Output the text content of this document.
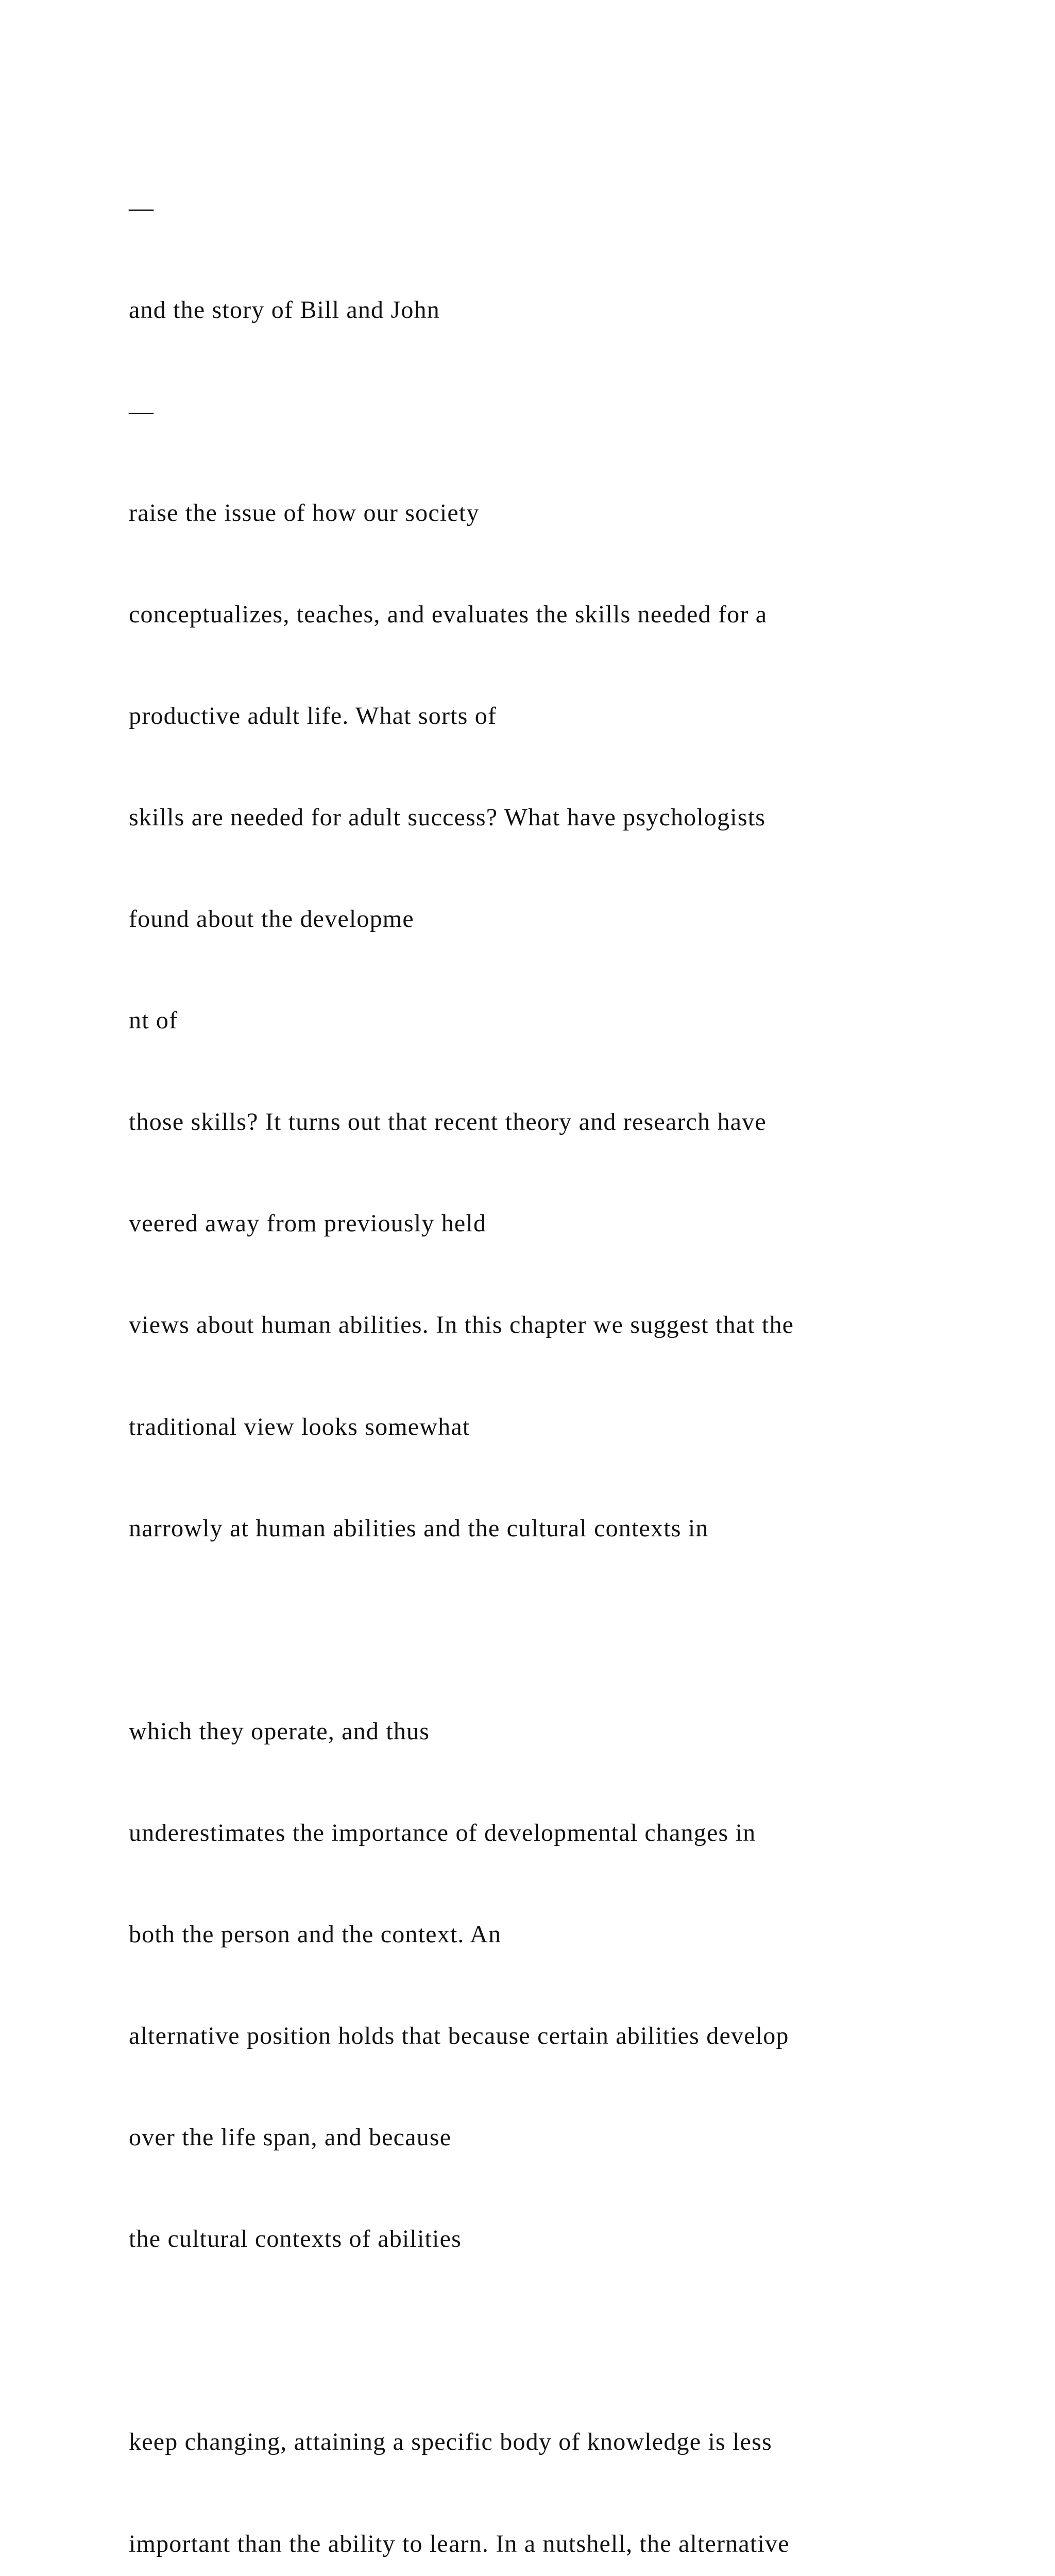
—

and the story of Bill and John

—

raise the issue of how our society

conceptualizes, teaches, and evaluates the skills needed for a

productive adult life. What sorts of

skills are needed for adult success? What have psychologists

found about the developme

nt of

those skills? It turns out that recent theory and research have

veered away from previously held

views about human abilities. In this chapter we suggest that the

traditional view looks somewhat

narrowly at human abilities and the cultural contexts in

which they operate, and thus

underestimates the importance of developmental changes in

both the person and the context. An

alternative position holds that because certain abilities develop

over the life span, and because

the cultural contexts of abilities

keep changing, attaining a specific body of knowledge is less

important than the ability to learn. In a nutshell, the alternative
